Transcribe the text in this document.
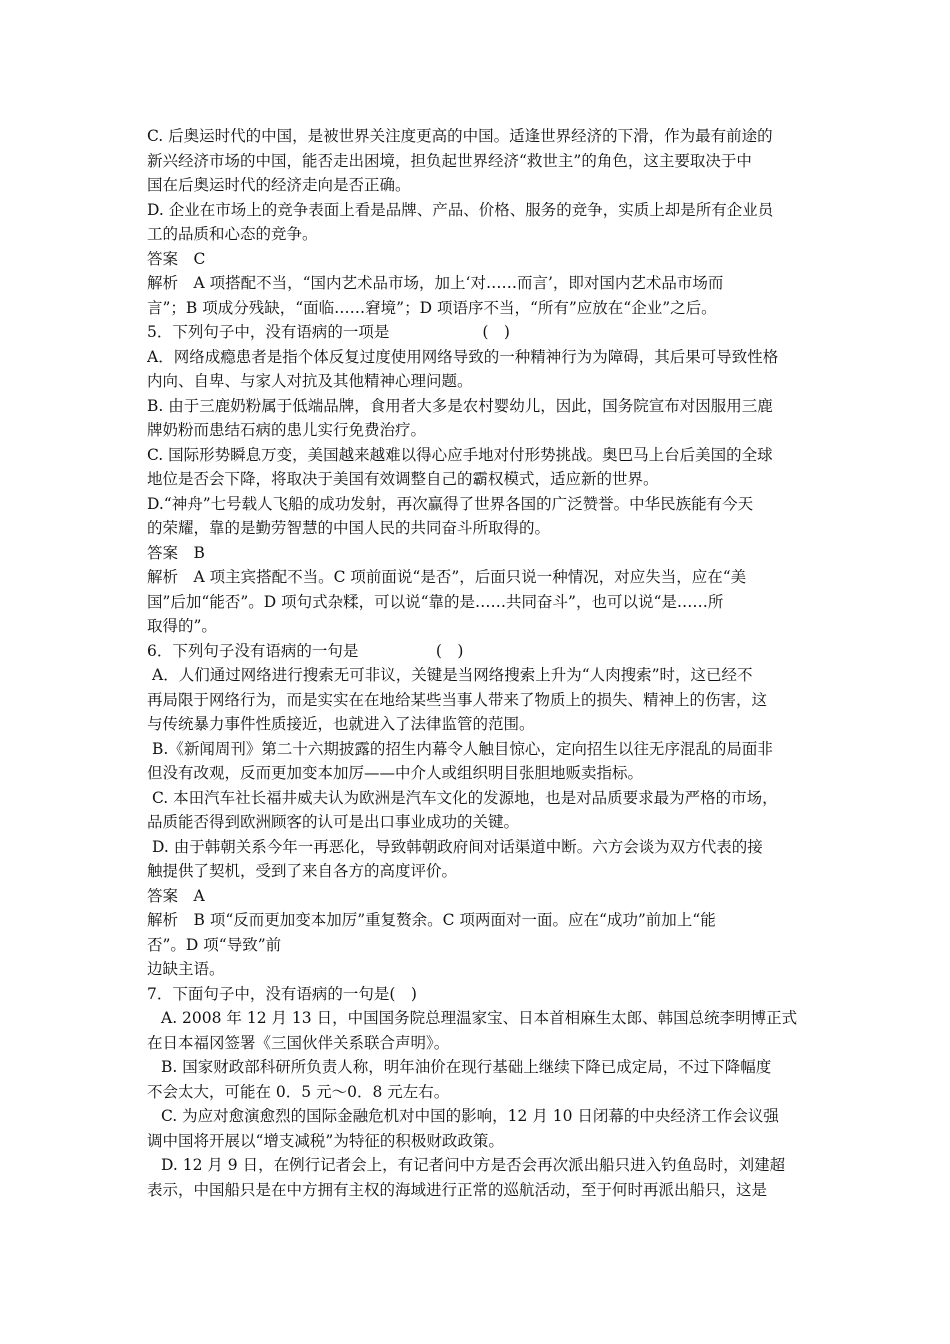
C. 后奥运时代的中国，是被世界关注度更高的中国。适逢世界经济的下滑，作为最有前途的
新兴经济市场的中国，能否走出困境，担负起世界经济“救世主”的角色，这主要取决于中
国在后奥运时代的经济走向是否正确。
D. 企业在市场上的竞争表面上看是品牌、产品、价格、服务的竞争，实质上却是所有企业员
工的品质和心态的竞争。
答案　C
解析　A 项搭配不当，“国内艺术品市场，加上‘对……而言’，即对国内艺术品市场而
言”；B 项成分残缺，“面临……窘境”；D 项语序不当，“所有”应放在“企业”之后。
5．下列句子中，没有语病的一项是　　　　　　(　)
A．网络成瘾患者是指个体反复过度使用网络导致的一种精神行为为障碍，其后果可导致性格
内向、自卑、与家人对抗及其他精神心理问题。
B. 由于三鹿奶粉属于低端品牌，食用者大多是农村婴幼儿，因此，国务院宣布对因服用三鹿
牌奶粉而患结石病的患儿实行免费治疗。
C. 国际形势瞬息万变，美国越来越难以得心应手地对付形势挑战。奥巴马上台后美国的全球
地位是否会下降，将取决于美国有效调整自己的霸权模式，适应新的世界。
D.“神舟”七号载人飞船的成功发射，再次赢得了世界各国的广泛赞誉。中华民族能有今天
的荣耀，靠的是勤劳智慧的中国人民的共同奋斗所取得的。
答案　B
解析　A 项主宾搭配不当。C 项前面说“是否”，后面只说一种情况，对应失当，应在“美
国”后加“能否”。D 项句式杂糅，可以说“靠的是……共同奋斗”，也可以说“是……所
取得的”。
6．下列句子没有语病的一句是　　　　　(　)
A．人们通过网络进行搜索无可非议，关键是当网络搜索上升为“人肉搜索”时，这已经不
再局限于网络行为，而是实实在在地给某些当事人带来了物质上的损失、精神上的伤害，这
与传统暴力事件性质接近，也就进入了法律监管的范围。
B.《新闻周刊》第二十六期披露的招生内幕令人触目惊心，定向招生以往无序混乱的局面非
但没有改观，反而更加变本加厉——中介人或组织明目张胆地贩卖指标。
C. 本田汽车社长福井威夫认为欧洲是汽车文化的发源地，也是对品质要求最为严格的市场，
品质能否得到欧洲顾客的认可是出口事业成功的关键。
D. 由于韩朝关系今年一再恶化，导致韩朝政府间对话渠道中断。六方会谈为双方代表的接
触提供了契机，受到了来自各方的高度评价。
答案　A
解析　B 项“反而更加变本加厉”重复赘余。C 项两面对一面。应在“成功”前加上“能
否”。D 项“导致”前
边缺主语。
7．下面句子中，没有语病的一句是(　)
A. 2008 年 12 月 13 日，中国国务院总理温家宝、日本首相麻生太郎、韩国总统李明博正式
在日本福冈签署《三国伙伴关系联合声明》。
B. 国家财政部科研所负责人称，明年油价在现行基础上继续下降已成定局，不过下降幅度
不会太大，可能在 0．5 元～0．8 元左右。
C. 为应对愈演愈烈的国际金融危机对中国的影响，12 月 10 日闭幕的中央经济工作会议强
调中国将开展以“增支减税”为特征的积极财政政策。
D. 12 月 9 日，在例行记者会上，有记者问中方是否会再次派出船只进入钓鱼岛时，刘建超
表示，中国船只是在中方拥有主权的海域进行正常的巡航活动，至于何时再派出船只，这是
